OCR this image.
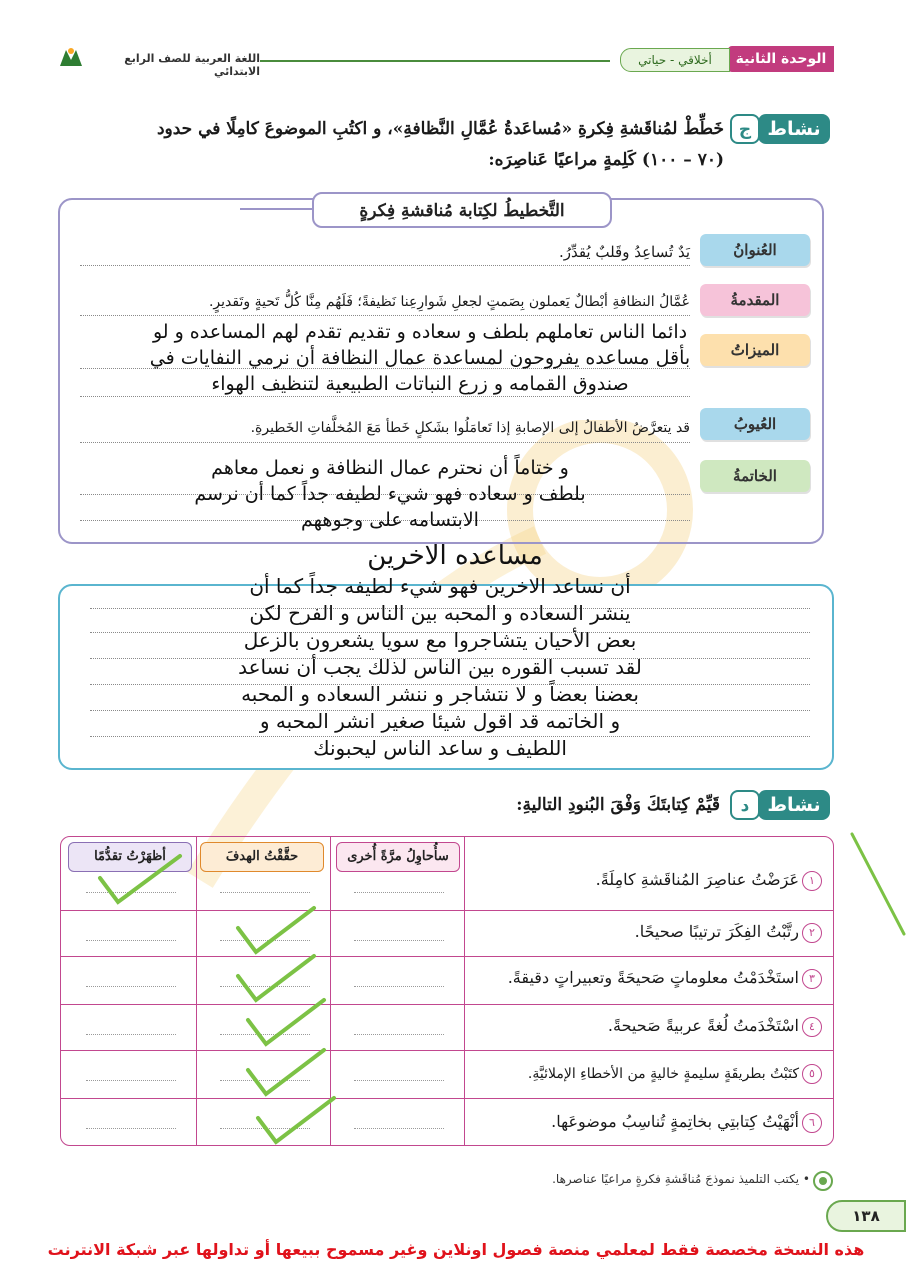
الوحدة الثانية
أخلاقي - حياتي
اللغة العربية للصف الرابع الابتدائي
نشاط
ج
خَطِّطْ لمُناقَشةِ فِكرةِ «مُساعَدةُ عُمَّالِ النَّظافةِ»، و اكتُبِ الموضوعَ كامِلًا في حدود
(٧٠ – ١٠٠) كَلِمةٍ مراعيًا عَناصِرَه:
التَّخطيطُ لكِتابة مُناقشةِ فِكرةٍ
العُنوانُ
المقدمةُ
الميزاتُ
العُيوبُ
الخاتمةُ
يَدٌ تُساعِدُ وقَلبٌ يُقدِّرُ.
عُمَّالُ النظافةِ أبْطالٌ يَعملون بِصَمتٍ لجعلِ شَوارِعِنا نَظيفةً؛ فَلَهُم مِنَّا كُلُّ تَحيةٍ وتَقديرٍ.
قد يتعرَّضُ الأطفالُ إلى الإصابةِ إذا تَعامَلُوا بشَكلٍ خَطأ مَعَ المُخلَّفاتِ الخَطيرةِ.
دائما الناس تعاملهم بلطف و سعاده و تقديم تقدم لهم المساعده و لو
بأقل مساعده يفروحون لمساعدة عمال النظافة أن نرمي النفايات في
صندوق القمامه و زرع النباتات الطبيعية لتنظيف الهواء
و ختاماً أن نحترم عمال النظافة و نعمل معاهم
بلطف و سعاده فهو شيء لطيفه جداً كما أن نرسم
الابتسامه على وجوههم
مساعده الاخرين
أن نساعد الاخرين فهو شيء لطيفه جداً كما أن
ينشر السعاده و المحبه بين الناس و الفرح لكن
بعض الأحيان يتشاجروا مع سويا يشعرون بالزعل
لقد تسبب القوره بين الناس لذلك يجب أن نساعد
بعضنا بعضاً و لا نتشاجر و ننشر السعاده و المحبه
و الخاتمه قد اقول شيئا صغير انشر المحبه و
اللطيف و ساعد الناس ليحبونك
نشاط
د
قَيِّمْ كِتابتَكَ وَفْقَ البُنودِ التاليةِ:
سأُحاوِلُ مرَّةً أُخرى
حقَّقْتُ الهدفَ
أظهَرْتُ تقدُّمًا
١عَرَضْتُ عناصِرَ المُناقَشةِ كامِلَةً.
٢رتَّبْتُ الفِكَرَ ترتيبًا صحيحًا.
٣استَخْدَمْتُ معلوماتٍ صَحيحَةً وتعبيراتٍ دقيقةً.
٤اسْتَخْدَمتُ لُغةً عربيةً صَحيحةً.
٥كتَبْتُ بطريقَةٍ سليمةٍ خاليةٍ من الأخطاءِ الإملائيَّةِ.
٦أنْهَيْتُ كِتابتِي بخاتِمةٍ تُناسِبُ موضوعَها.
• يكتب التلميذ نموذجَ مُناقَشةِ فكرةٍ مراعيًا عناصرها.
١٣٨
هذه النسخة مخصصة فقط لمعلمي منصة فصول اونلاين وغير مسموح ببيعها أو تداولها عبر شبكة الانترنت
